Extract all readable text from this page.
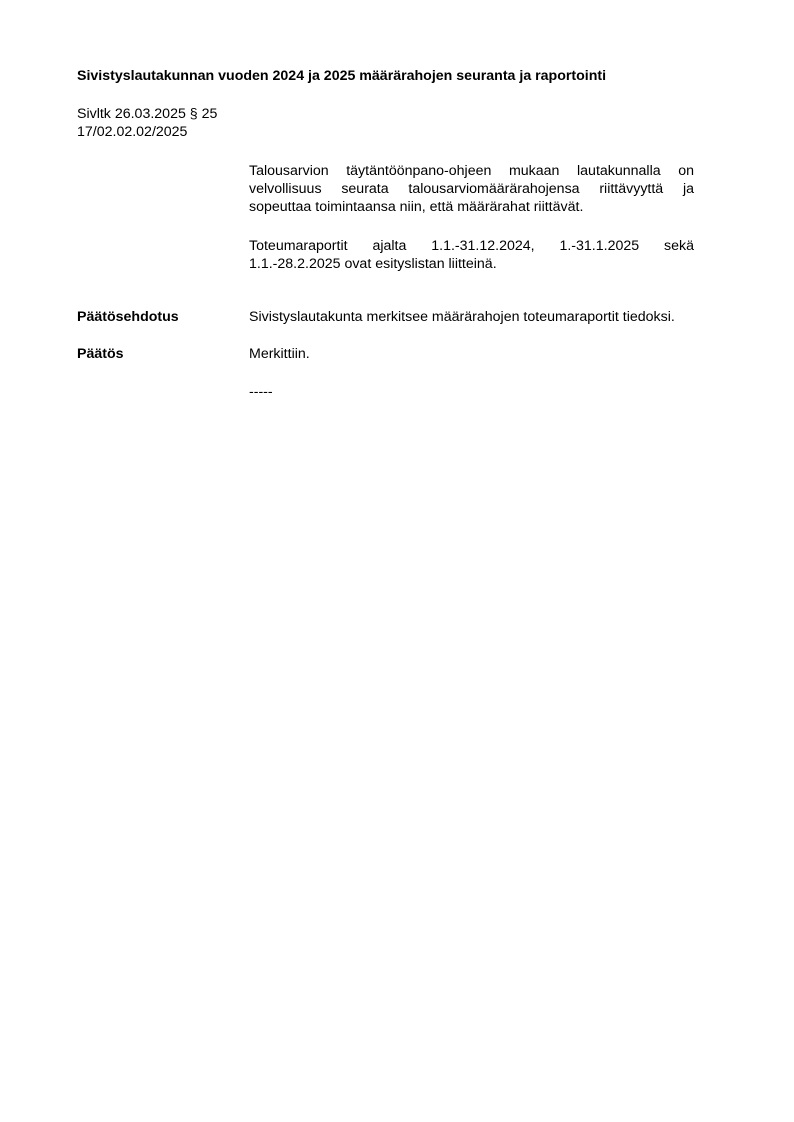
Sivistyslautakunnan vuoden 2024 ja 2025 määrärahojen seuranta ja raportointi
Sivltk 26.03.2025 § 25
17/02.02.02/2025
Talousarvion täytäntöönpano-ohjeen mukaan lautakunnalla on velvollisuus seurata talousarviomäärärahojensa riittävyyttä ja sopeuttaa toimintaansa niin, että määrärahat riittävät.
Toteumaraportit ajalta 1.1.-31.12.2024, 1.-31.1.2025 sekä 1.1.-28.2.2025 ovat esityslistan liitteinä.
Päätösehdotus	Sivistyslautakunta merkitsee määrärahojen toteumaraportit tiedoksi.
Päätös	Merkittiin.
-----
